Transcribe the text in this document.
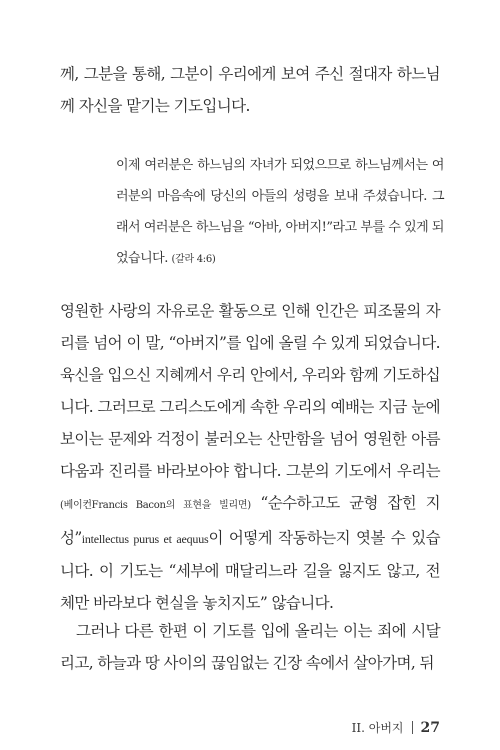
께, 그분을 통해, 그분이 우리에게 보여 주신 절대자 하느님께 자신을 맡기는 기도입니다.

이제 여러분은 하느님의 자녀가 되었으므로 하느님께서는 여러분의 마음속에 당신의 아들의 성령을 보내 주셨습니다. 그래서 여러분은 하느님을 “아바, 아버지!”라고 부를 수 있게 되었습니다. (갈라 4:6)

영원한 사랑의 자유로운 활동으로 인해 인간은 피조물의 자리를 넘어 이 말, “아버지”를 입에 올릴 수 있게 되었습니다. 육신을 입으신 지혜께서 우리 안에서, 우리와 함께 기도하십니다. 그러므로 그리스도에게 속한 우리의 예배는 지금 눈에 보이는 문제와 걱정이 불러오는 산만함을 넘어 영원한 아름다움과 진리를 바라보아야 합니다. 그분의 기도에서 우리는 (베이컨Francis Bacon의 표현을 빌리면) “순수하고도 균형 잡힌 지성”intellectus purus et aequus이 어떻게 작동하는지 엿볼 수 있습니다. 이 기도는 “세부에 매달리느라 길을 잃지도 않고, 전체만 바라보다 현실을 놓치지도” 않습니다.

그러나 다른 한편 이 기도를 입에 올리는 이는 죄에 시달리고, 하늘과 땅 사이의 끊임없는 긴장 속에서 살아가며, 뒤

II. 아버지 27
